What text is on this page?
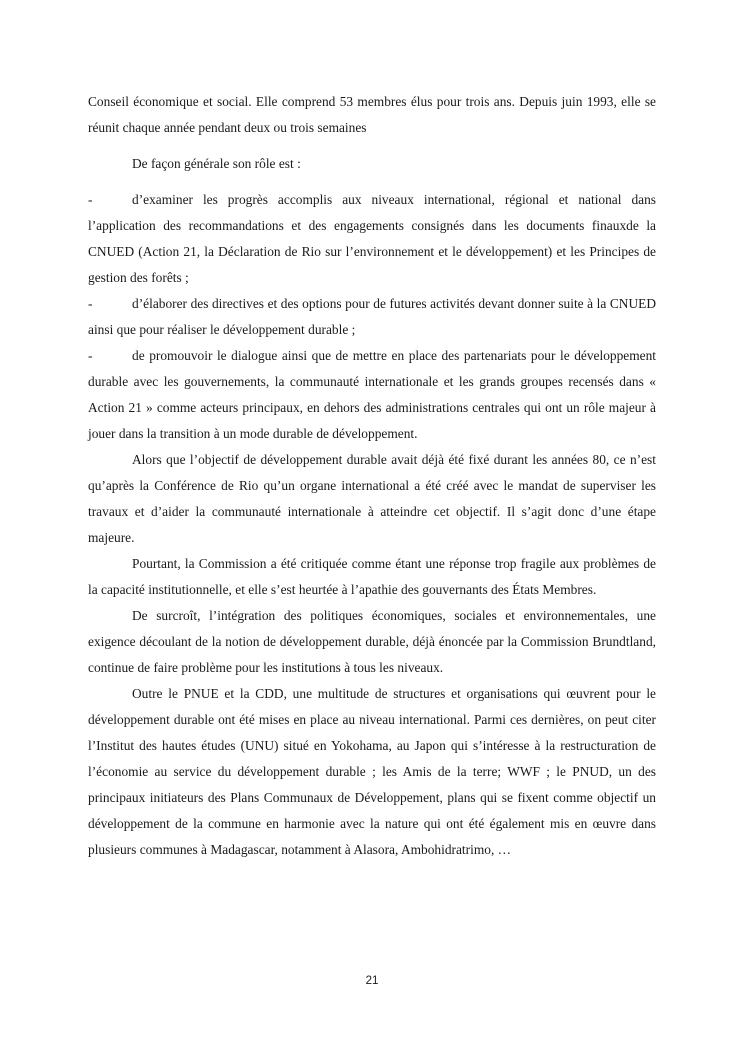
Conseil économique et social. Elle comprend 53 membres élus pour trois ans. Depuis juin 1993, elle se réunit chaque année pendant deux ou trois semaines

De façon générale son rôle est :

-	d’examiner les progrès accomplis aux niveaux international, régional et national dans l’application des recommandations et des engagements consignés dans les documents finauxde la CNUED (Action 21, la Déclaration de Rio sur l’environnement et le développement) et les Principes de gestion des forêts ;

-	d’élaborer des directives et des options pour de futures activités devant donner suite à la CNUED ainsi que pour réaliser le développement durable ;

-	de promouvoir le dialogue ainsi que de mettre en place des partenariats pour le développement durable avec les gouvernements, la communauté internationale et les grands groupes recensés dans « Action 21 » comme acteurs principaux, en dehors des administrations centrales qui ont un rôle majeur à jouer dans la transition à un mode durable de développement.

Alors que l’objectif de développement durable avait déjà été fixé durant les années 80, ce n’est qu’après la Conférence de Rio qu’un organe international a été créé avec le mandat de superviser les travaux et d’aider la communauté internationale à atteindre cet objectif. Il s’agit donc d’une étape majeure.

Pourtant, la Commission a été critiquée comme étant une réponse trop fragile aux problèmes de la capacité institutionnelle, et elle s’est heurtée à l’apathie des gouvernants des États Membres.

De surcroît, l’intégration des politiques économiques, sociales et environnementales, une exigence découlant de la notion de développement durable, déjà énoncée par la Commission Brundtland, continue de faire problème pour les institutions à tous les niveaux.

Outre le PNUE et la CDD, une multitude de structures et organisations qui œuvrent pour le développement durable ont été mises en place au niveau international. Parmi ces dernières, on peut citer l’Institut des hautes études (UNU) situé en Yokohama, au Japon qui s’intéresse à la restructuration de l’économie au service du développement durable ; les Amis de la terre; WWF ; le PNUD, un des principaux initiateurs des Plans Communaux de Développement, plans qui se fixent comme objectif un développement de la commune en harmonie avec la nature qui ont été également mis en œuvre dans plusieurs communes à Madagascar, notamment à Alasora, Ambohidratrimo, …

21
